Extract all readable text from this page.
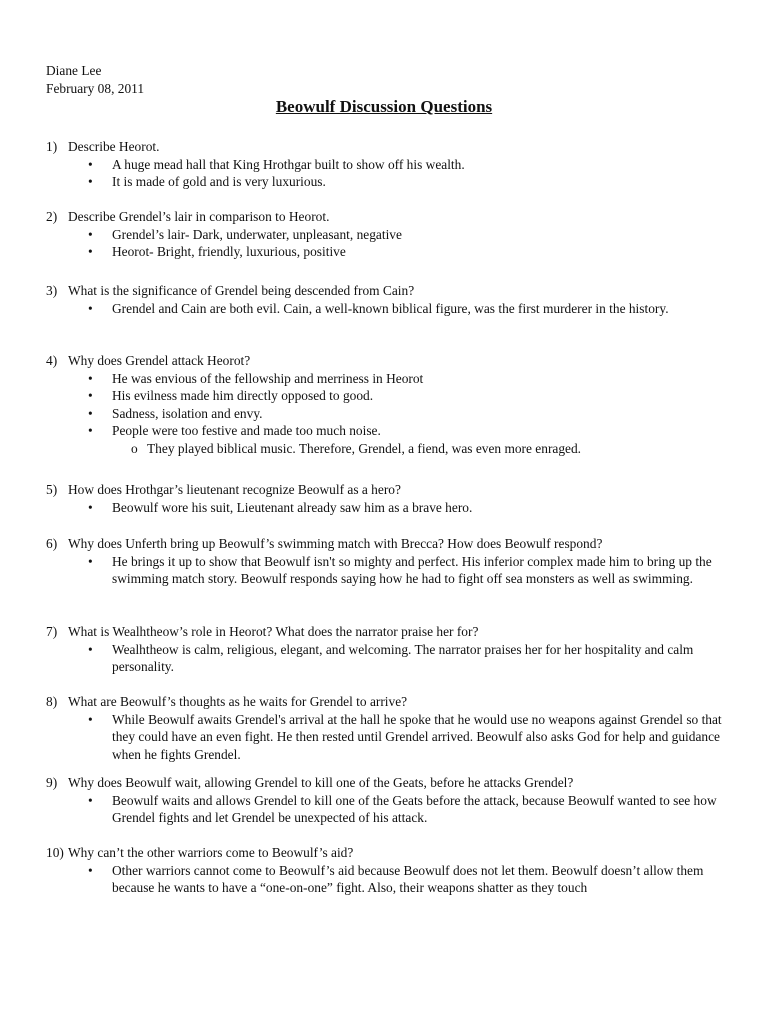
Diane Lee
February 08, 2011
Beowulf Discussion Questions
1) Describe Heorot.
•	A huge mead hall that King Hrothgar built to show off his wealth.
•	It is made of gold and is very luxurious.
2) Describe Grendel’s lair in comparison to Heorot.
•	Grendel’s lair- Dark, underwater, unpleasant, negative
•	Heorot- Bright, friendly, luxurious, positive
3) What is the significance of Grendel being descended from Cain?
•	Grendel and Cain are both evil. Cain, a well-known biblical figure, was the first murderer in the history.
4) Why does Grendel attack Heorot?
•	He was envious of the fellowship and merriness in Heorot
•	His evilness made him directly opposed to good.
•	Sadness, isolation and envy.
•	People were too festive and made too much noise.
o They played biblical music. Therefore, Grendel, a fiend, was even more enraged.
5) How does Hrothgar’s lieutenant recognize Beowulf as a hero?
•	Beowulf wore his suit, Lieutenant already saw him as a brave hero.
6) Why does Unferth bring up Beowulf’s swimming match with Brecca? How does Beowulf respond?
•	He brings it up to show that Beowulf isn't so mighty and perfect. His inferior complex made him to bring up the swimming match story. Beowulf responds saying how he had to fight off sea monsters as well as swimming.
7) What is Wealhtheow’s role in Heorot? What does the narrator praise her for?
•	Wealhtheow is calm, religious, elegant, and welcoming. The narrator praises her for her hospitality and calm personality.
8) What are Beowulf’s thoughts as he waits for Grendel to arrive?
•	While Beowulf awaits Grendel's arrival at the hall he spoke that he would use no weapons against Grendel so that they could have an even fight. He then rested until Grendel arrived. Beowulf also asks God for help and guidance when he fights Grendel.
9) Why does Beowulf wait, allowing Grendel to kill one of the Geats, before he attacks Grendel?
•	Beowulf waits and allows Grendel to kill one of the Geats before the attack, because Beowulf wanted to see how Grendel fights and let Grendel be unexpected of his attack.
10) Why can’t the other warriors come to Beowulf’s aid?
•	Other warriors cannot come to Beowulf’s aid because Beowulf does not let them. Beowulf doesn’t allow them because he wants to have a “one-on-one” fight. Also, their weapons shatter as they touch
